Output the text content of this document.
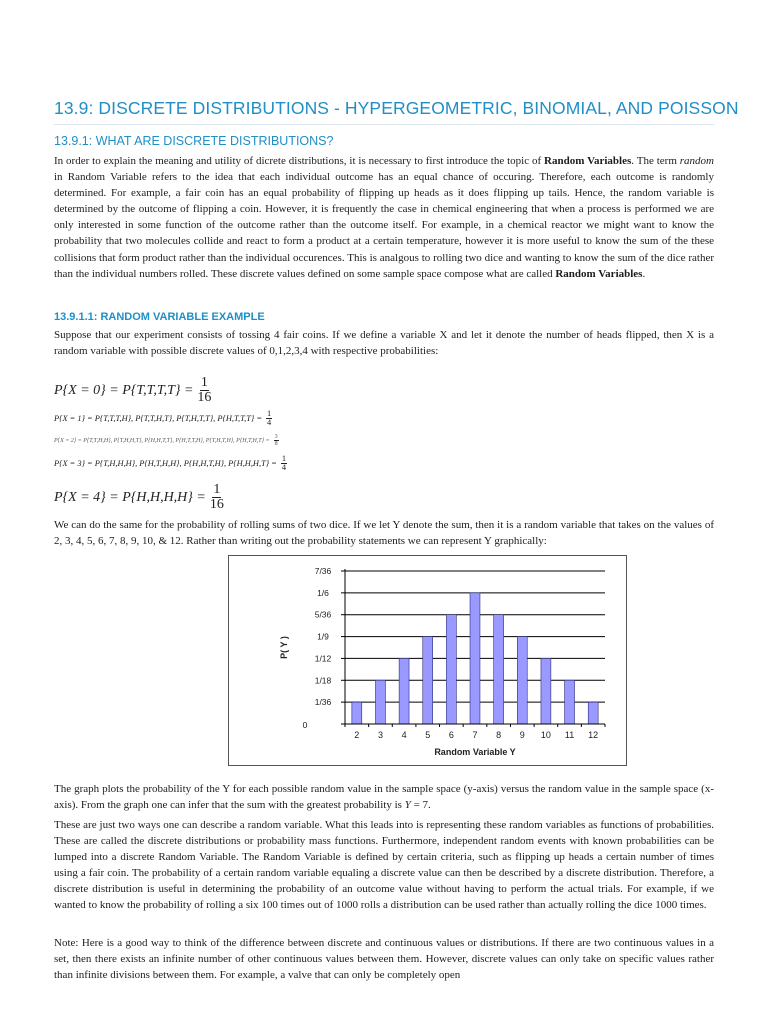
13.9: DISCRETE DISTRIBUTIONS - HYPERGEOMETRIC, BINOMIAL, AND POISSON
13.9.1: WHAT ARE DISCRETE DISTRIBUTIONS?
In order to explain the meaning and utility of dicrete distributions, it is necessary to first introduce the topic of Random Variables. The term random in Random Variable refers to the idea that each individual outcome has an equal chance of occuring. Therefore, each outcome is randomly determined. For example, a fair coin has an equal probability of flipping up heads as it does flipping up tails. Hence, the random variable is determined by the outcome of flipping a coin. However, it is frequently the case in chemical engineering that when a process is performed we are only interested in some function of the outcome rather than the outcome itself. For example, in a chemical reactor we might want to know the probability that two molecules collide and react to form a product at a certain temperature, however it is more useful to know the sum of the these collisions that form product rather than the individual occurences. This is analgous to rolling two dice and wanting to know the sum of the dice rather than the individual numbers rolled. These discrete values defined on some sample space compose what are called Random Variables.
13.9.1.1: RANDOM VARIABLE EXAMPLE
Suppose that our experiment consists of tossing 4 fair coins. If we define a variable X and let it denote the number of heads flipped, then X is a random variable with possible discrete values of 0,1,2,3,4 with respective probabilities:
$P\{X = 0\} = P\{T,T,T,T\} = \frac{1}{16}$
P{X = 1} = P{T,T,T,H}, P{T,T,H,T}, P{T,H,T,T}, $P\{H,T,T,T\} = \frac{1}{4}$
P{X = 2} = P{T,T,H,H}, P{T,H,H,T}, P{H,H,T,T}, P{H,T,T,H}, P{T,H,T,H}, $P\{H,T,H,T\} = \frac{3}{8}$
P{X = 3} = P{T,H,H,H}, P{H,T,H,H}, P{H,H,T,H}, $P\{H,H,H,T\} = \frac{1}{4}$
$P\{X = 4\} = P\{H,H,H,H\} = \frac{1}{16}$
We can do the same for the probability of rolling sums of two dice. If we let Y denote the sum, then it is a random variable that takes on the values of 2, 3, 4, 5, 6, 7, 8, 9, 10, & 12. Rather than writing out the probability statements we can represent Y graphically:
0
1/36
1/18
1/12
1/9
5/36
1/6
7/36
2 3 4 5 6 7 8 9 10 11 12
Random Variable Y
P( Y )
The graph plots the probability of the Y for each possible random value in the sample space (y-axis) versus the random value in the sample space (x-axis). From the graph one can infer that the sum with the greatest probability is Y = 7.
These are just two ways one can describe a random variable. What this leads into is representing these random variables as functions of probabilities. These are called the discrete distributions or probability mass functions. Furthermore, independent random events with known probabilities can be lumped into a discrete Random Variable. The Random Variable is defined by certain criteria, such as flipping up heads a certain number of times using a fair coin. The probability of a certain random variable equaling a discrete value can then be described by a discrete distribution. Therefore, a discrete distribution is useful in determining the probability of an outcome value without having to perform the actual trials. For example, if we wanted to know the probability of rolling a six 100 times out of 1000 rolls a distribution can be used rather than actually rolling the dice 1000 times.
Note: Here is a good way to think of the difference between discrete and continuous values or distributions. If there are two continuous values in a set, then there exists an infinite number of other continuous values between them. However, discrete values can only take on specific values rather than infinite divisions between them. For example, a valve that can only be completely open
